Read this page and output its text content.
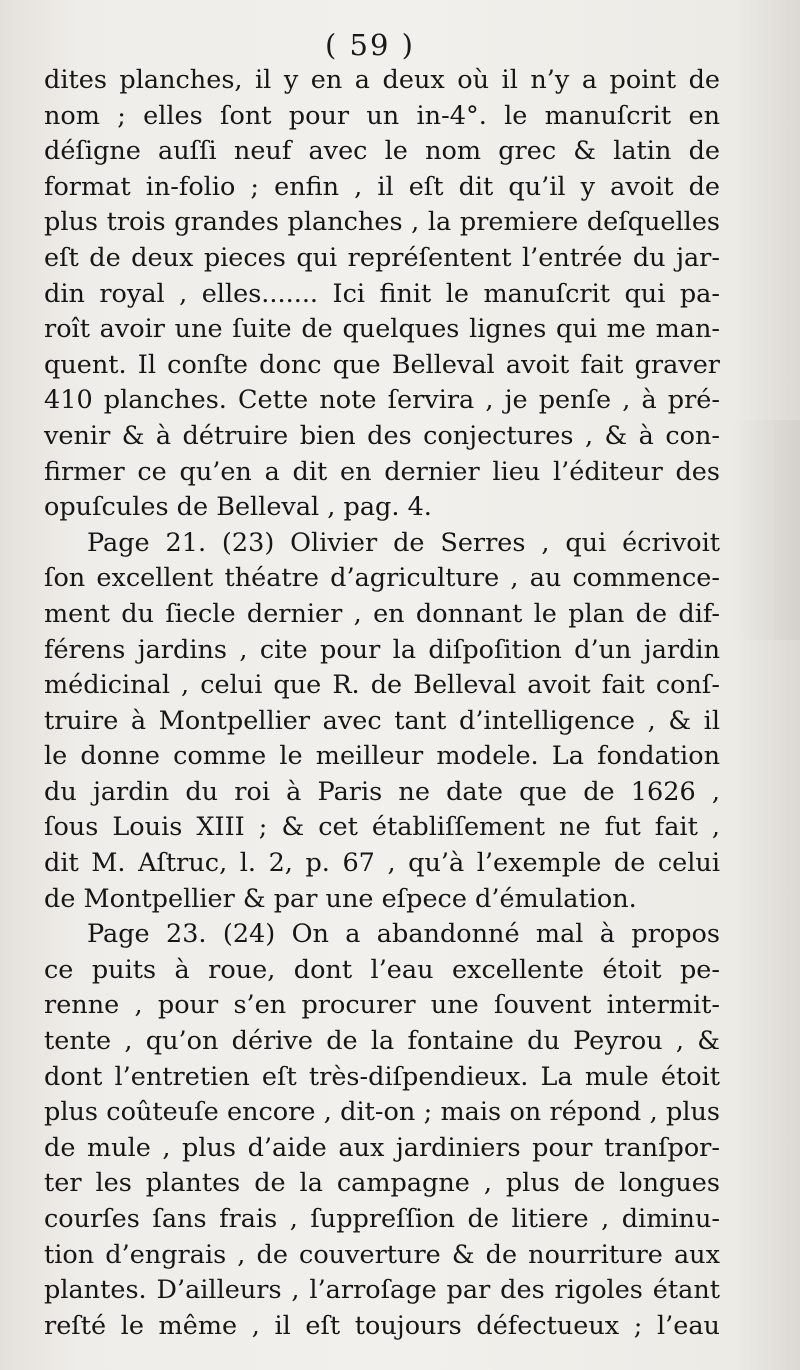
( 59 )
dites planches, il y en a deux où il n’y a point de
nom ; elles ſont pour un in-4°. le manuſcrit en
déſigne auſſi neuf avec le nom grec & latin de
format in-folio ; enfin , il eſt dit qu’il y avoit de
plus trois grandes planches , la premiere deſquelles
eſt de deux pieces qui repréſentent l’entrée du jar-
din royal , elles....... Ici finit le manuſcrit qui pa-
roît avoir une ſuite de quelques lignes qui me man-
quent. Il conſte donc que Belleval avoit fait graver
410 planches. Cette note ſervira , je penſe , à pré-
venir & à détruire bien des conjectures , & à con-
firmer ce qu’en a dit en dernier lieu l’éditeur des
opuſcules de Belleval , pag. 4.
Page 21. (23) Olivier de Serres , qui écrivoit
ſon excellent théatre d’agriculture , au commence-
ment du ſiecle dernier , en donnant le plan de dif-
férens jardins , cite pour la diſpoſition d’un jardin
médicinal , celui que R. de Belleval avoit fait conſ-
truire à Montpellier avec tant d’intelligence , & il
le donne comme le meilleur modele. La fondation
du jardin du roi à Paris ne date que de 1626 ,
ſous Louis XIII ; & cet établiſſement ne fut fait ,
dit M. Aſtruc, l. 2, p. 67 , qu’à l’exemple de celui
de Montpellier & par une eſpece d’émulation.
Page 23. (24) On a abandonné mal à propos
ce puits à roue, dont l’eau excellente étoit pe-
renne , pour s’en procurer une ſouvent intermit-
tente , qu’on dérive de la fontaine du Peyrou , &
dont l’entretien eſt très-diſpendieux. La mule étoit
plus coûteuſe encore , dit-on ; mais on répond , plus
de mule , plus d’aide aux jardiniers pour tranſpor-
ter les plantes de la campagne , plus de longues
courſes ſans frais , ſuppreſſion de litiere , diminu-
tion d’engrais , de couverture & de nourriture aux
plantes. D’ailleurs , l’arroſage par des rigoles étant
reſté le même , il eſt toujours défectueux ; l’eau
